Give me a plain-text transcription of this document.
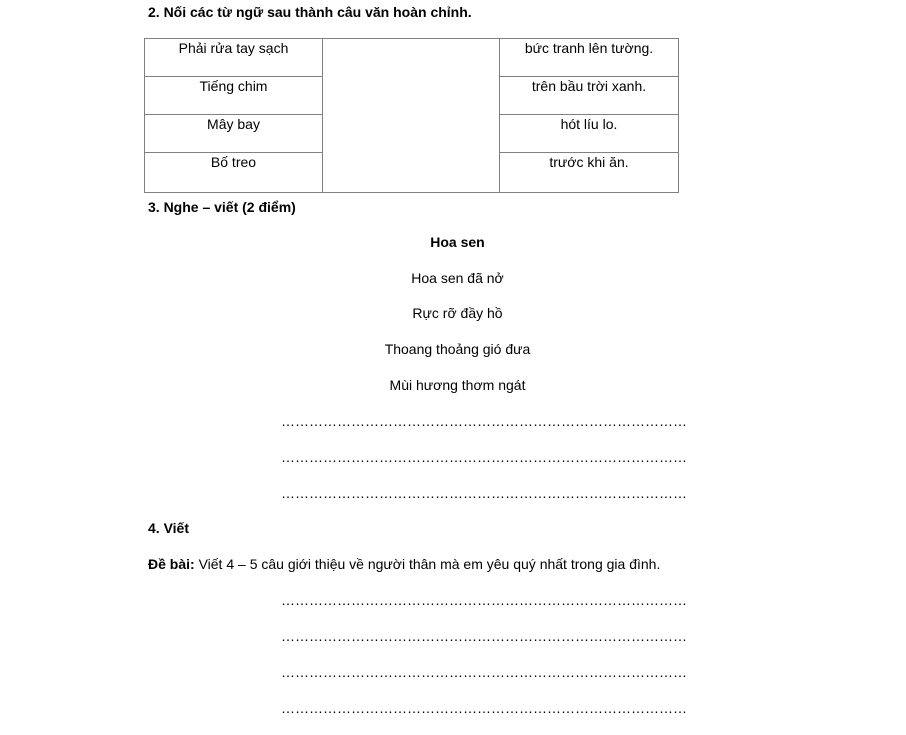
2. Nối các từ ngữ sau thành câu văn hoàn chỉnh.
Phải rửa tay sạch		bức tranh lên tường.
Tiếng chim		trên bầu trời xanh.
Mây bay		hót líu lo.
Bố treo		trước khi ăn.
3. Nghe – viết (2 điểm)
Hoa sen
Hoa sen đã nở
Rực rỡ đầy hồ
Thoang thoảng gió đưa
Mùi hương thơm ngát
……………………………………………………………………………
……………………………………………………………………………
……………………………………………………………………………
4. Viết
Đề bài: Viết 4 – 5 câu giới thiệu về người thân mà em yêu quý nhất trong gia đình.
……………………………………………………………………………
……………………………………………………………………………
……………………………………………………………………………
……………………………………………………………………………
